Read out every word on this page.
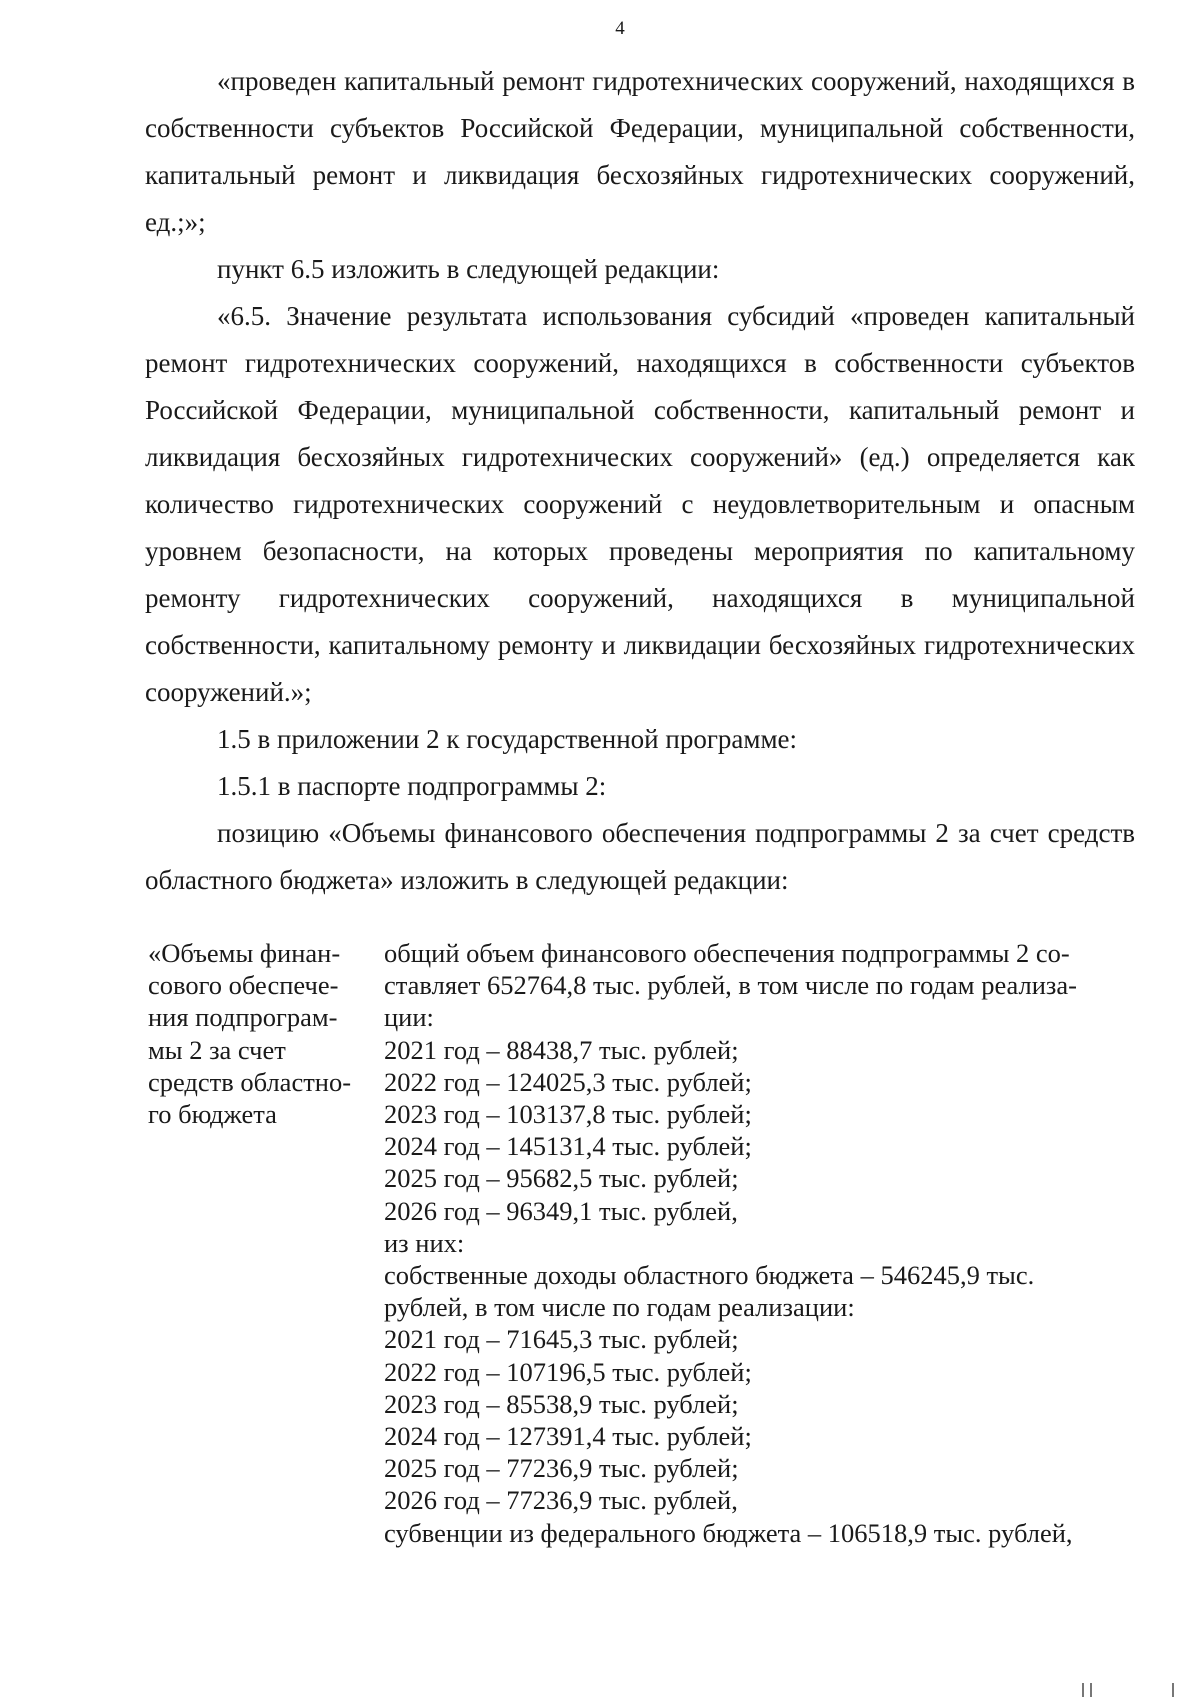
4

«проведен капитальный ремонт гидротехнических сооружений, находящихся в собственности субъектов Российской Федерации, муниципальной собственности, капитальный ремонт и ликвидация бесхозяйных гидротехнических сооружений, ед.;»;

пункт 6.5 изложить в следующей редакции:

«6.5. Значение результата использования субсидий «проведен капитальный ремонт гидротехнических сооружений, находящихся в собственности субъектов Российской Федерации, муниципальной собственности, капитальный ремонт и ликвидация бесхозяйных гидротехнических сооружений» (ед.) определяется как количество гидротехнических сооружений с неудовлетворительным и опасным уровнем безопасности, на которых проведены мероприятия по капитальному ремонту гидротехнических сооружений, находящихся в муниципальной собственности, капитальному ремонту и ликвидации бесхозяйных гидротехнических сооружений.»;

1.5 в приложении 2 к государственной программе:

1.5.1 в паспорте подпрограммы 2:

позицию «Объемы финансового обеспечения подпрограммы 2 за счет средств областного бюджета» изложить в следующей редакции:

«Объемы финан-
сового обеспече-
ния подпрограм-
мы 2 за счет
средств областно-
го бюджета
общий объем финансового обеспечения подпрограммы 2 со-
ставляет 652764,8 тыс. рублей, в том числе по годам реализа-
ции:
2021 год – 88438,7 тыс. рублей;
2022 год – 124025,3 тыс. рублей;
2023 год – 103137,8 тыс. рублей;
2024 год – 145131,4 тыс. рублей;
2025 год – 95682,5 тыс. рублей;
2026 год – 96349,1 тыс. рублей,
из них:
собственные доходы областного бюджета – 546245,9 тыс.
рублей, в том числе по годам реализации:
2021 год – 71645,3 тыс. рублей;
2022 год – 107196,5 тыс. рублей;
2023 год – 85538,9 тыс. рублей;
2024 год – 127391,4 тыс. рублей;
2025 год – 77236,9 тыс. рублей;
2026 год – 77236,9 тыс. рублей,
субвенции из федерального бюджета – 106518,9 тыс. рублей,
